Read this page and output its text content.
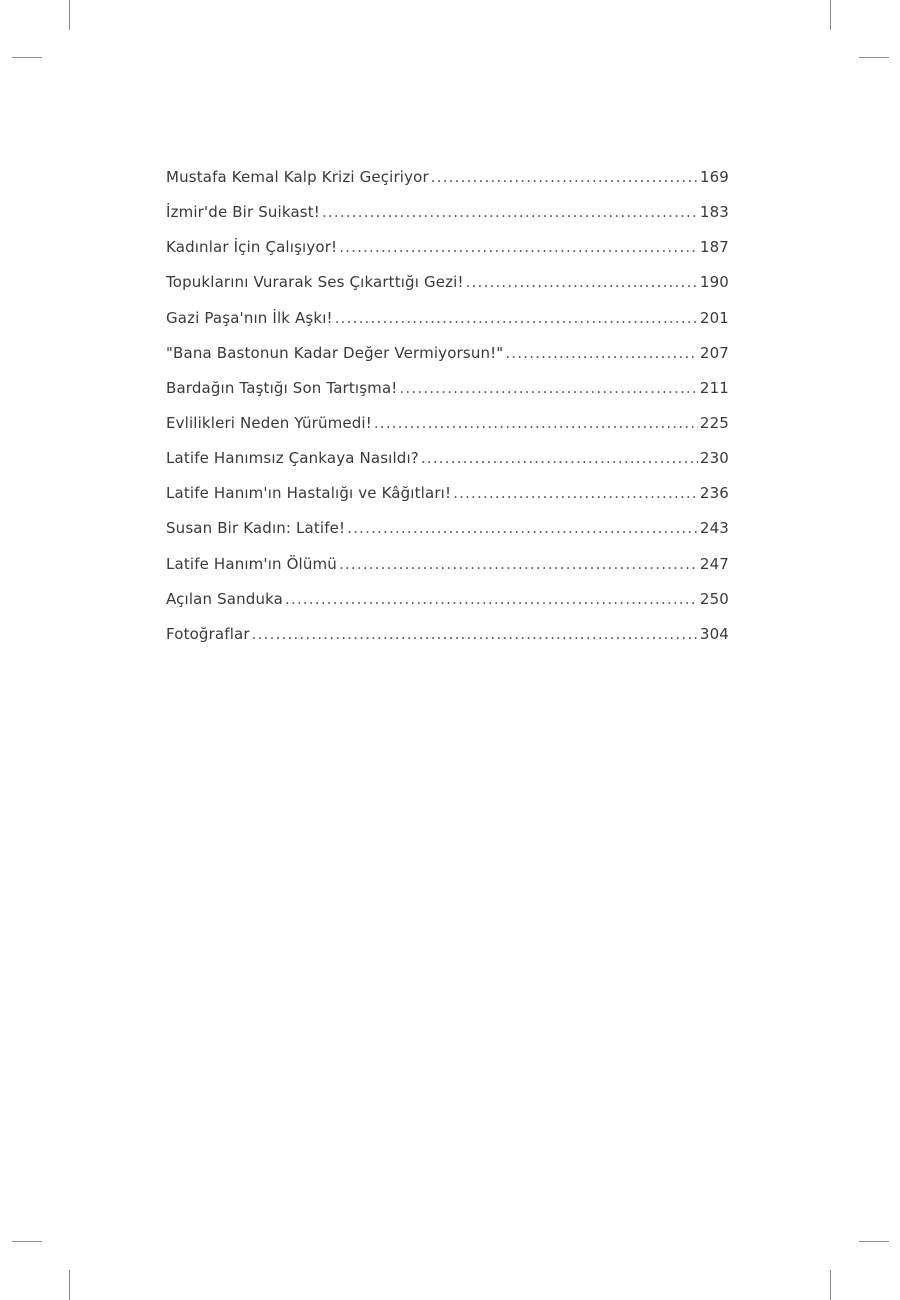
Mustafa Kemal Kalp Krizi Geçiriyor .....	169
İzmir'de Bir Suikast! .....	183
Kadınlar İçin Çalışıyor! .....	187
Topuklarını Vurarak Ses Çıkarttığı Gezi! .....	190
Gazi Paşa'nın İlk Aşkı! .....	201
"Bana Bastonun Kadar Değer Vermiyorsun!" .....	207
Bardağın Taştığı Son Tartışma! .....	211
Evlilikleri Neden Yürümedi! .....	225
Latife Hanımsız Çankaya Nasıldı? .....	230
Latife Hanım'ın Hastalığı ve Kâğıtları! .....	236
Susan Bir Kadın: Latife! .....	243
Latife Hanım'ın Ölümü .....	247
Açılan Sanduka .....	250
Fotoğraflar .....	304
